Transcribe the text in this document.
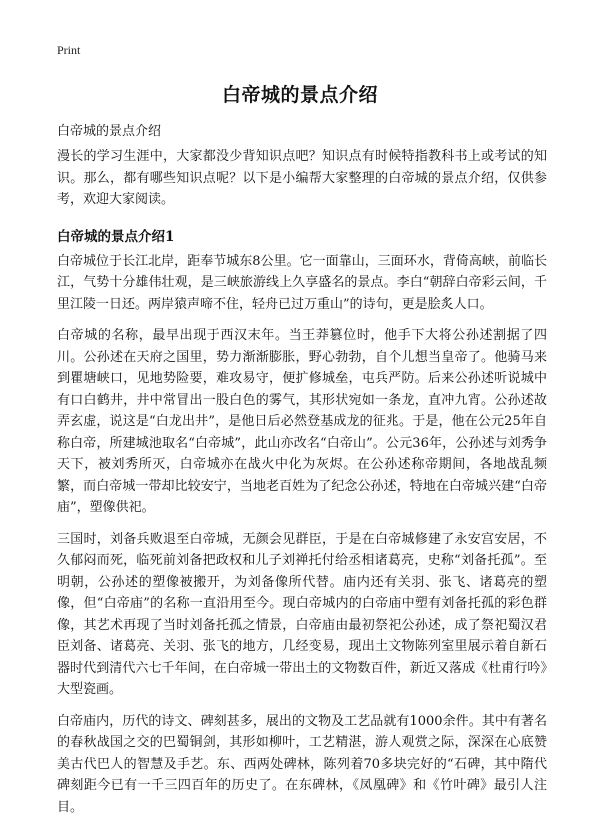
Print
白帝城的景点介绍

白帝城的景点介绍

漫长的学习生涯中，大家都没少背知识点吧？知识点有时候特指教科书上或考试的知识。那么，都有哪些知识点呢？以下是小编帮大家整理的白帝城的景点介绍，仅供参考，欢迎大家阅读。

白帝城的景点介绍1

白帝城位于长江北岸，距奉节城东8公里。它一面靠山，三面环水，背倚高峡，前临长江，气势十分雄伟壮观，是三峡旅游线上久享盛名的景点。李白“朝辞白帝彩云间，千里江陵一日还。两岸猿声啼不住，轻舟已过万重山”的诗句，更是脍炙人口。

白帝城的名称，最早出现于西汉末年。当王莽篡位时，他手下大将公孙述割据了四川。公孙述在天府之国里，势力渐渐膨胀，野心勃勃，自个儿想当皇帝了。他骑马来到瞿塘峡口，见地势险要，难攻易守，便扩修城垒，屯兵严防。后来公孙述听说城中有口白鹤井，井中常冒出一股白色的雾气，其形状宛如一条龙，直冲九宵。公孙述故弄玄虚，说这是“白龙出井”，是他日后必然登基成龙的征兆。于是，他在公元25年自称白帝，所建城池取名“白帝城”，此山亦改名“白帝山”。公元36年，公孙述与刘秀争天下，被刘秀所灭，白帝城亦在战火中化为灰烬。在公孙述称帝期间，各地战乱频繁，而白帝城一带却比较安宁，当地老百姓为了纪念公孙述，特地在白帝城兴建“白帝庙”，塑像供祀。

三国时，刘备兵败退至白帝城，无颜会见群臣，于是在白帝城修建了永安宫安居，不久郁闷而死，临死前刘备把政权和儿子刘禅托付给丞相诸葛亮，史称“刘备托孤”。至明朝，公孙述的塑像被搬开，为刘备像所代替。庙内还有关羽、张飞、诸葛亮的塑像，但“白帝庙”的名称一直沿用至今。现白帝城内的白帝庙中塑有刘备托孤的彩色群像，其艺术再现了当时刘备托孤之情景，白帝庙由最初祭祀公孙述，成了祭祀蜀汉君臣刘备、诸葛亮、关羽、张飞的地方，几经变易，现出土文物陈列室里展示着自新石器时代到清代六七千年间，在白帝城一带出土的文物数百件，新近又落成《杜甫行吟》大型瓷画。

白帝庙内，历代的诗文、碑刻甚多，展出的文物及工艺品就有1000余件。其中有著名的春秋战国之交的巴蜀铜剑，其形如柳叶，工艺精湛，游人观赏之际，深深在心底赞美古代巴人的智慧及手艺。东、西两处碑林，陈列着70多块完好的“石碑，其中隋代碑刻距今已有一千三四百年的历史了。在东碑林，《凤凰碑》和《竹叶碑》最引人注目。
